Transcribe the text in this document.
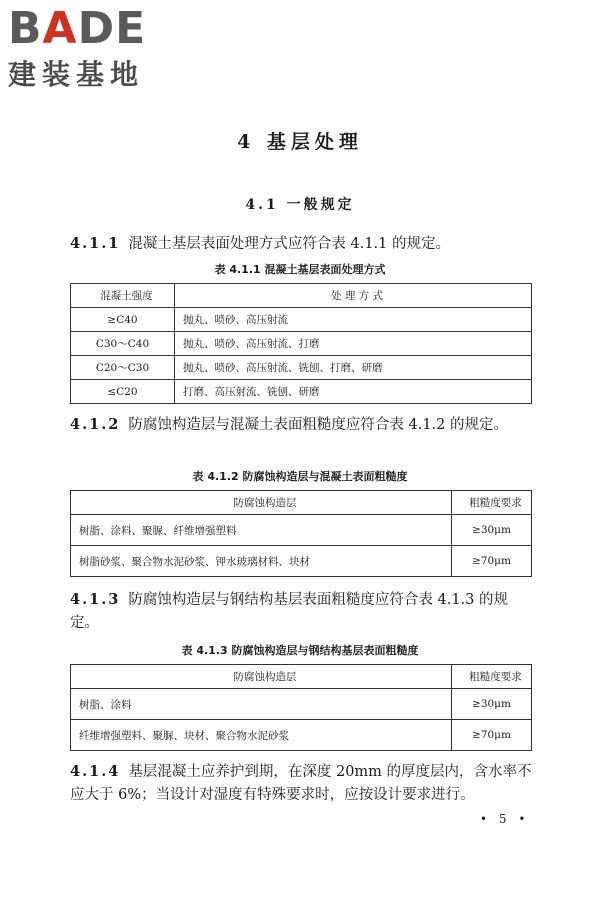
BADE
建装基地
4 基层处理
4.1 一般规定
4.1.1 混凝土基层表面处理方式应符合表 4.1.1 的规定。
表 4.1.1 混凝土基层表面处理方式
混凝土强度	处 理 方 式
≥C40	抛丸、喷砂、高压射流
C30～C40	抛丸、喷砂、高压射流、打磨
C20～C30	抛丸、喷砂、高压射流、铣刨、打磨、研磨
≤C20	打磨、高压射流、铣刨、研磨
4.1.2 防腐蚀构造层与混凝土表面粗糙度应符合表 4.1.2 的规定。
表 4.1.2 防腐蚀构造层与混凝土表面粗糙度
防腐蚀构造层	粗糙度要求
树脂、涂料、聚脲、纤维增强塑料	≥30μm
树脂砂浆、聚合物水泥砂浆、钾水玻璃材料、块材	≥70μm
4.1.3 防腐蚀构造层与钢结构基层表面粗糙度应符合表 4.1.3 的规定。
表 4.1.3 防腐蚀构造层与钢结构基层表面粗糙度
防腐蚀构造层	粗糙度要求
树脂、涂料	≥30μm
纤维增强塑料、聚脲、块材、聚合物水泥砂浆	≥70μm
4.1.4 基层混凝土应养护到期，在深度 20mm 的厚度层内，含水率不应大于 6%；当设计对湿度有特殊要求时，应按设计要求进行。
• 5 •
